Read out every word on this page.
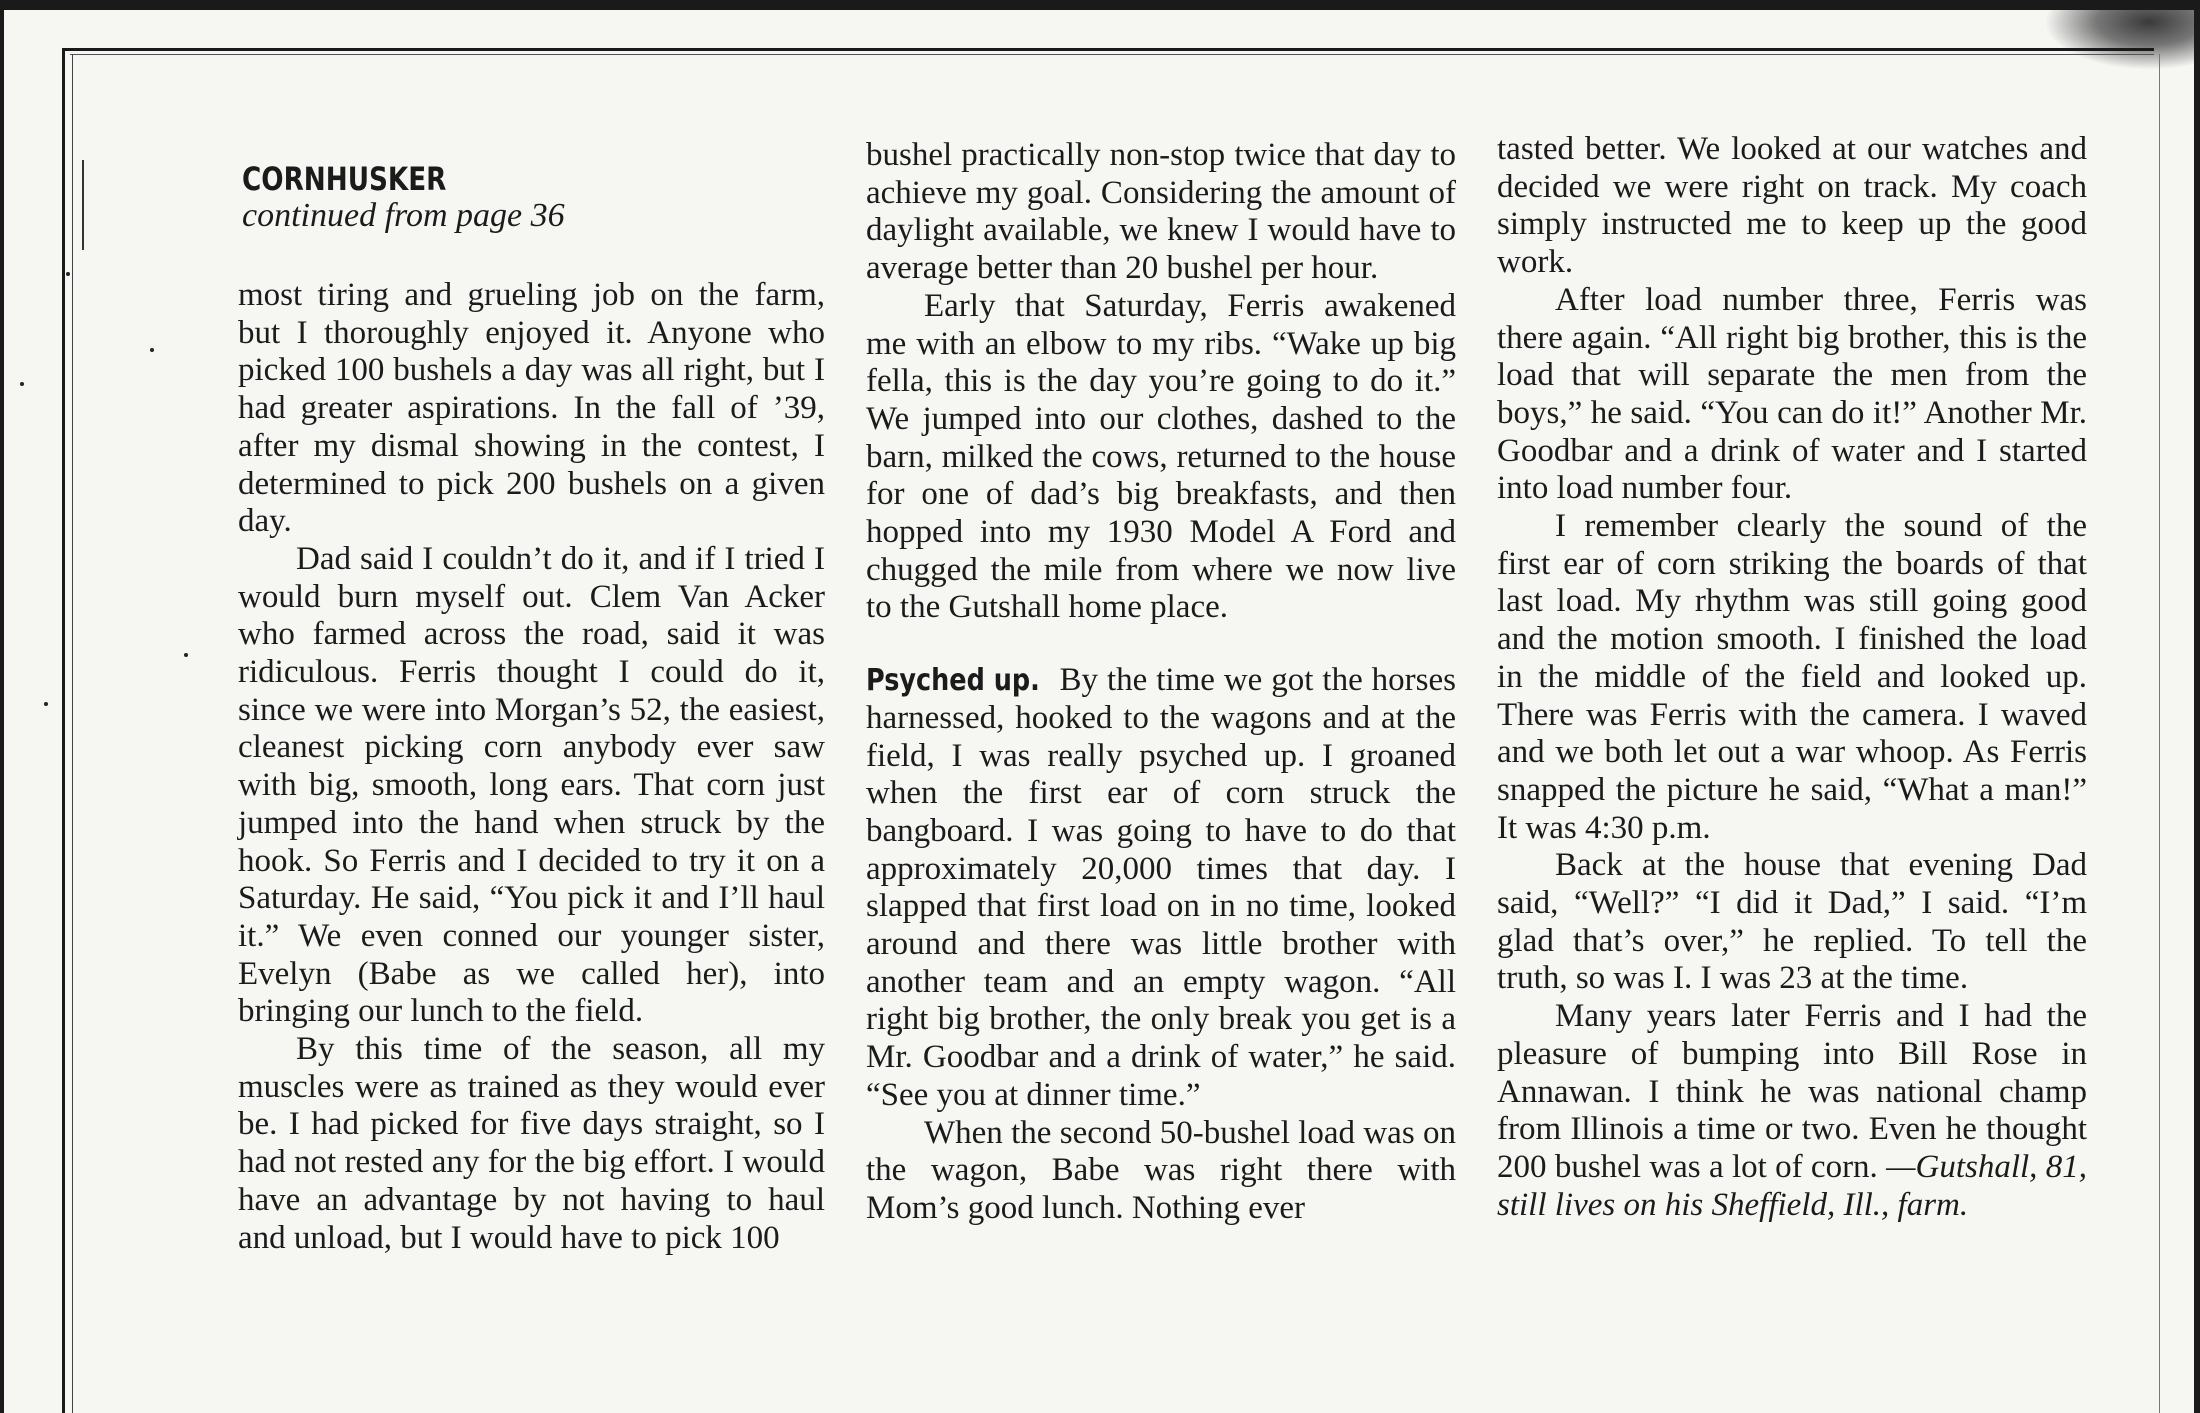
CORNHUSKER
continued from page 36

most tiring and grueling job on the farm, but I thoroughly enjoyed it. Anyone who picked 100 bushels a day was all right, but I had greater aspirations. In the fall of ’39, after my dismal showing in the contest, I determined to pick 200 bushels on a given day.

Dad said I couldn’t do it, and if I tried I would burn myself out. Clem Van Acker who farmed across the road, said it was ridiculous. Ferris thought I could do it, since we were into Morgan’s 52, the easiest, cleanest picking corn anybody ever saw with big, smooth, long ears. That corn just jumped into the hand when struck by the hook. So Ferris and I decided to try it on a Saturday. He said, “You pick it and I’ll haul it.” We even conned our younger sister, Evelyn (Babe as we called her), into bringing our lunch to the field.

By this time of the season, all my muscles were as trained as they would ever be. I had picked for five days straight, so I had not rested any for the big effort. I would have an advantage by not having to haul and unload, but I would have to pick 100

bushel practically non-stop twice that day to achieve my goal. Considering the amount of daylight available, we knew I would have to average better than 20 bushel per hour.

Early that Saturday, Ferris awakened me with an elbow to my ribs. “Wake up big fella, this is the day you’re going to do it.” We jumped into our clothes, dashed to the barn, milked the cows, returned to the house for one of dad’s big breakfasts, and then hopped into my 1930 Model A Ford and chugged the mile from where we now live to the Gutshall home place.

Psyched up. By the time we got the horses harnessed, hooked to the wagons and at the field, I was really psyched up. I groaned when the first ear of corn struck the bangboard. I was going to have to do that approximately 20,000 times that day. I slapped that first load on in no time, looked around and there was little brother with another team and an empty wagon. “All right big brother, the only break you get is a Mr. Goodbar and a drink of water,” he said. “See you at dinner time.”

When the second 50-bushel load was on the wagon, Babe was right there with Mom’s good lunch. Nothing ever

tasted better. We looked at our watches and decided we were right on track. My coach simply instructed me to keep up the good work.

After load number three, Ferris was there again. “All right big brother, this is the load that will separate the men from the boys,” he said. “You can do it!” Another Mr. Goodbar and a drink of water and I started into load number four.

I remember clearly the sound of the first ear of corn striking the boards of that last load. My rhythm was still going good and the motion smooth. I finished the load in the middle of the field and looked up. There was Ferris with the camera. I waved and we both let out a war whoop. As Ferris snapped the picture he said, “What a man!” It was 4:30 p.m.

Back at the house that evening Dad said, “Well?” “I did it Dad,” I said. “I’m glad that’s over,” he replied. To tell the truth, so was I. I was 23 at the time.

Many years later Ferris and I had the pleasure of bumping into Bill Rose in Annawan. I think he was national champ from Illinois a time or two. Even he thought 200 bushel was a lot of corn. —Gutshall, 81, still lives on his Sheffield, Ill., farm.
